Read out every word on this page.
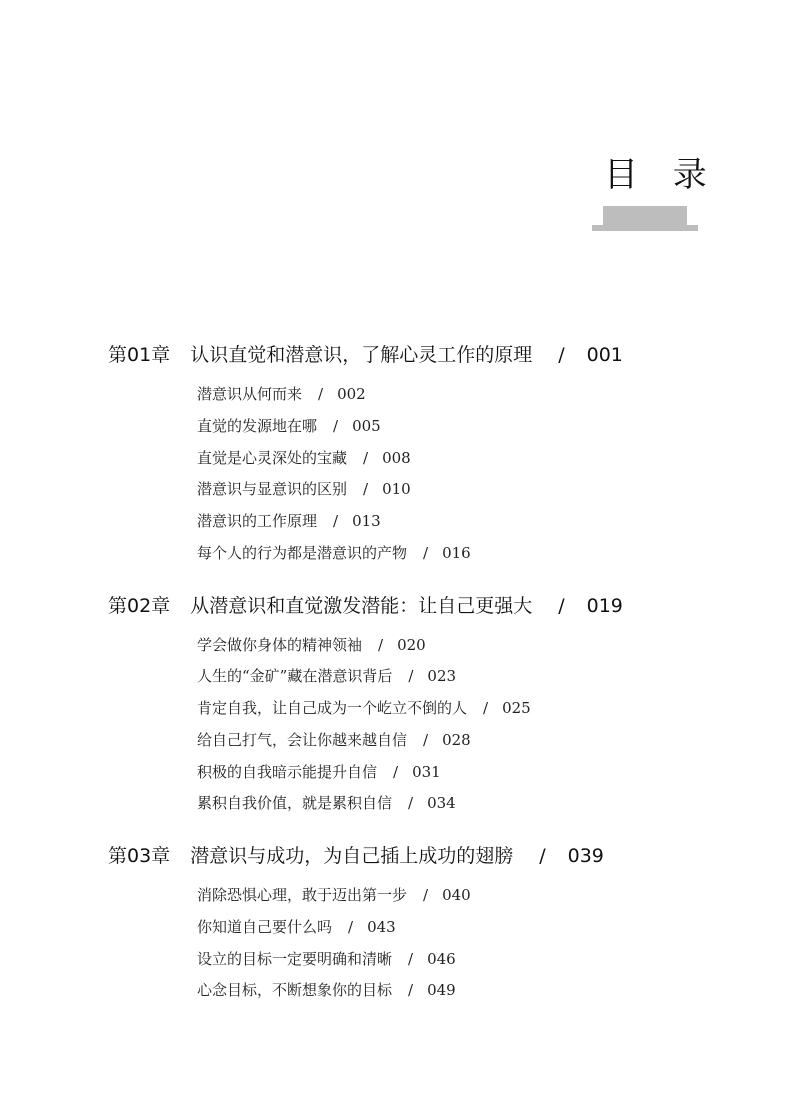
目 录
第01章 认识直觉和潜意识，了解心灵工作的原理 / 001
潜意识从何而来 / 002
直觉的发源地在哪 / 005
直觉是心灵深处的宝藏 / 008
潜意识与显意识的区别 / 010
潜意识的工作原理 / 013
每个人的行为都是潜意识的产物 / 016
第02章 从潜意识和直觉激发潜能：让自己更强大 / 019
学会做你身体的精神领袖 / 020
人生的“金矿”藏在潜意识背后 / 023
肯定自我，让自己成为一个屹立不倒的人 / 025
给自己打气，会让你越来越自信 / 028
积极的自我暗示能提升自信 / 031
累积自我价值，就是累积自信 / 034
第03章 潜意识与成功，为自己插上成功的翅膀 / 039
消除恐惧心理，敢于迈出第一步 / 040
你知道自己要什么吗 / 043
设立的目标一定要明确和清晰 / 046
心念目标，不断想象你的目标 / 049
